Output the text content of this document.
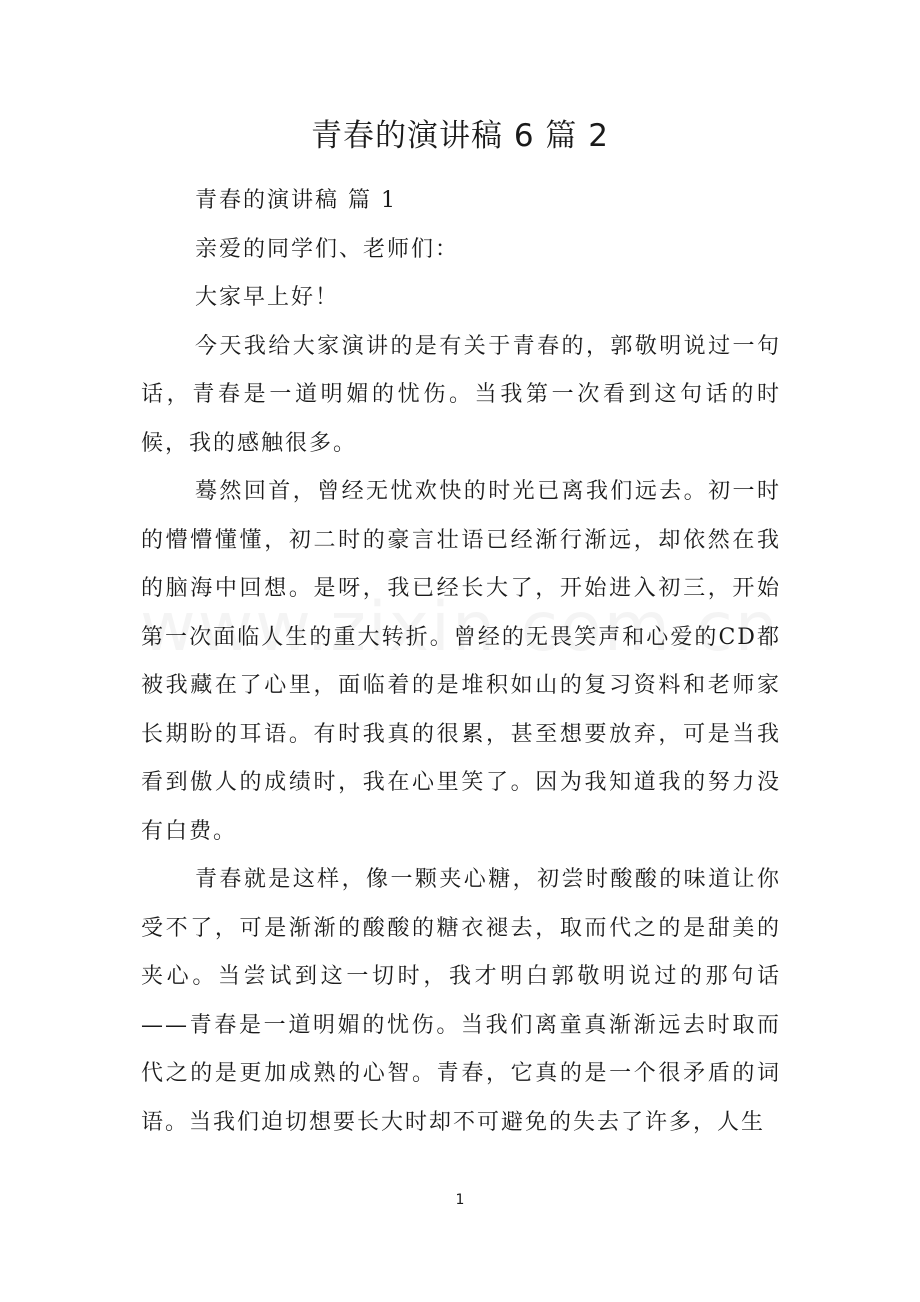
青春的演讲稿 6 篇 2

青春的演讲稿 篇 1

亲爱的同学们、老师们：

大家早上好！

今天我给大家演讲的是有关于青春的，郭敬明说过一句话，青春是一道明媚的忧伤。当我第一次看到这句话的时候，我的感触很多。

蓦然回首，曾经无忧欢快的时光已离我们远去。初一时的懵懵懂懂，初二时的豪言壮语已经渐行渐远，却依然在我的脑海中回想。是呀，我已经长大了，开始进入初三，开始第一次面临人生的重大转折。曾经的无畏笑声和心爱的CD都被我藏在了心里，面临着的是堆积如山的复习资料和老师家长期盼的耳语。有时我真的很累，甚至想要放弃，可是当我看到傲人的成绩时，我在心里笑了。因为我知道我的努力没有白费。

青春就是这样，像一颗夹心糖，初尝时酸酸的味道让你受不了，可是渐渐的酸酸的糖衣褪去，取而代之的是甜美的夹心。当尝试到这一切时，我才明白郭敬明说过的那句话——青春是一道明媚的忧伤。当我们离童真渐渐远去时取而代之的是更加成熟的心智。青春，它真的是一个很矛盾的词语。当我们迫切想要长大时却不可避免的失去了许多，人生

1
